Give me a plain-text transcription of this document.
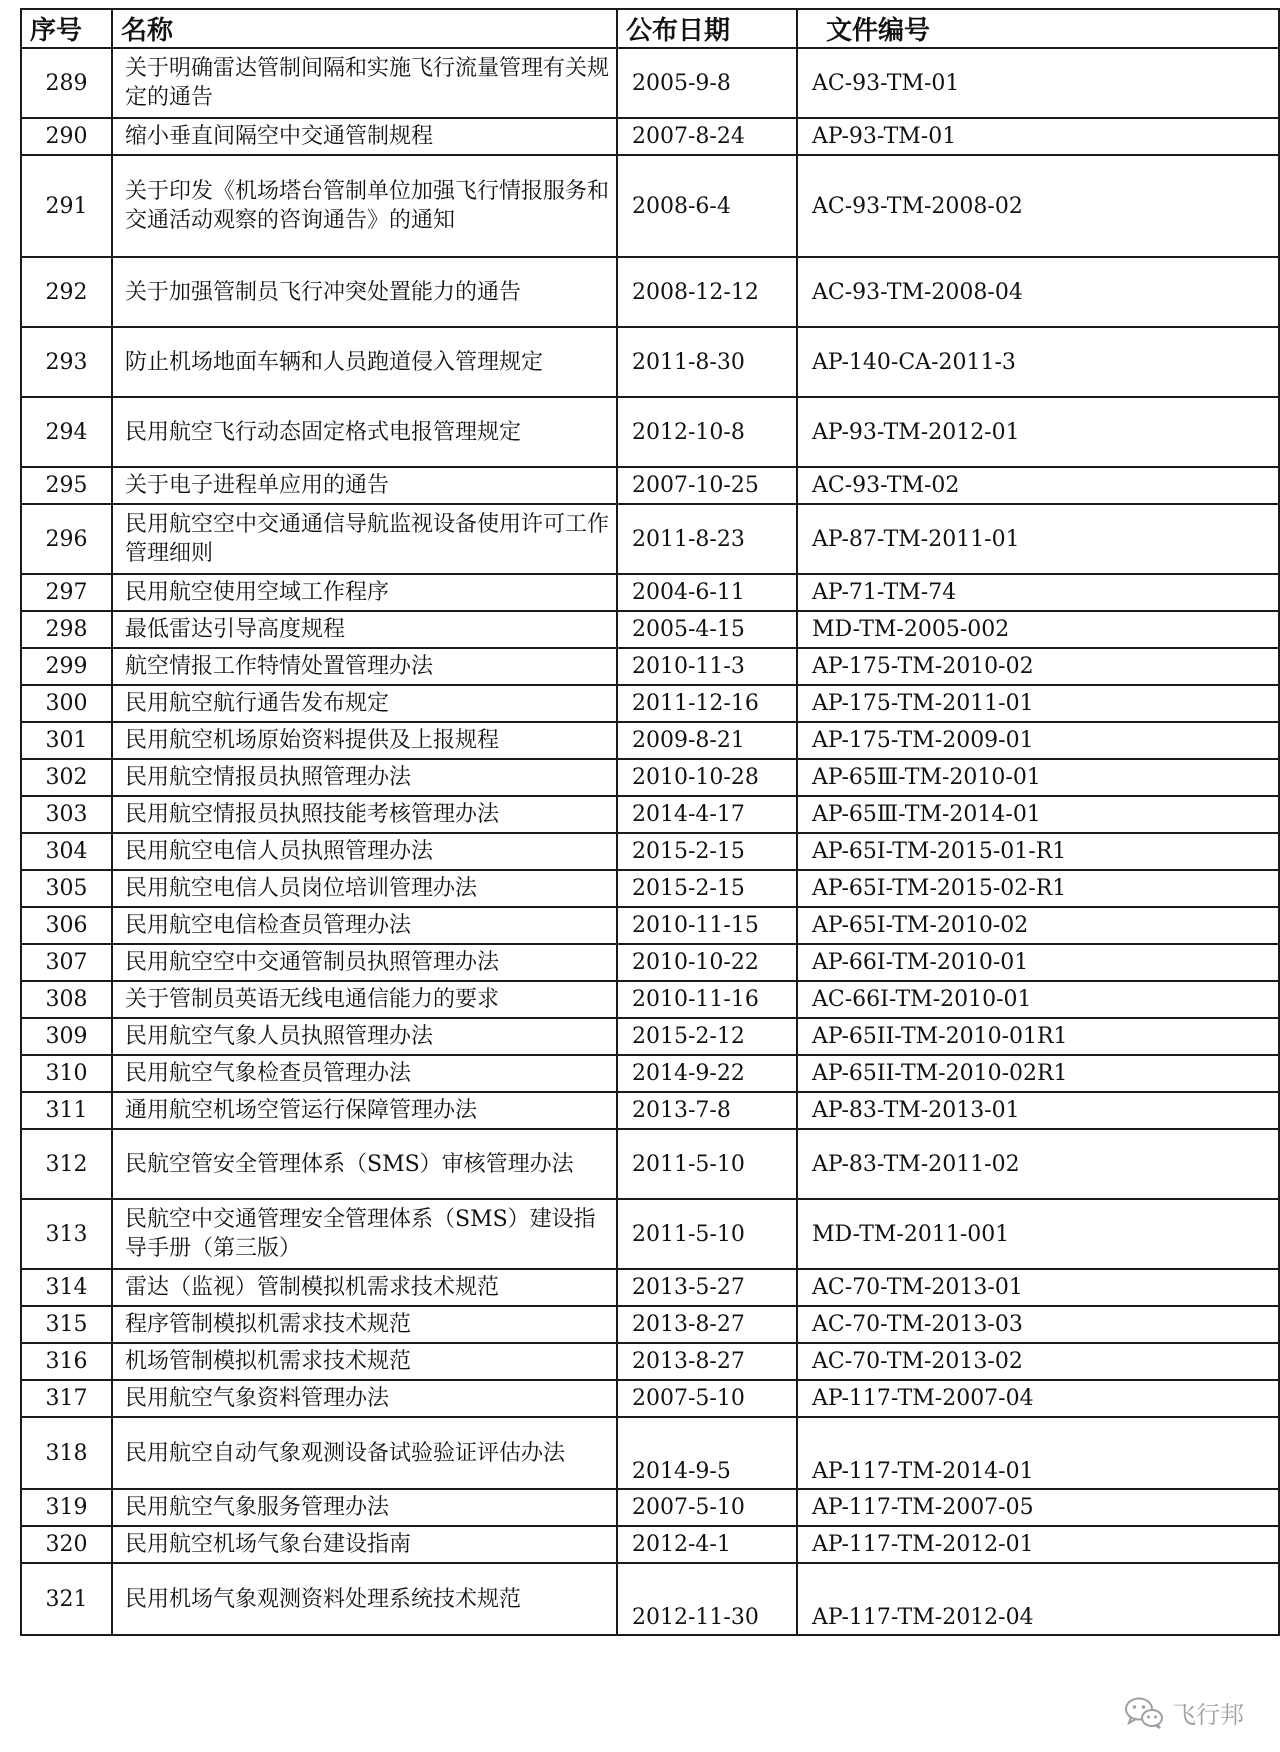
序号	名称	公布日期	文件编号
289	关于明确雷达管制间隔和实施飞行流量管理有关规定的通告	2005-9-8	AC-93-TM-01
290	缩小垂直间隔空中交通管制规程	2007-8-24	AP-93-TM-01
291	关于印发《机场塔台管制单位加强飞行情报服务和交通活动观察的咨询通告》的通知	2008-6-4	AC-93-TM-2008-02
292	关于加强管制员飞行冲突处置能力的通告	2008-12-12	AC-93-TM-2008-04
293	防止机场地面车辆和人员跑道侵入管理规定	2011-8-30	AP-140-CA-2011-3
294	民用航空飞行动态固定格式电报管理规定	2012-10-8	AP-93-TM-2012-01
295	关于电子进程单应用的通告	2007-10-25	AC-93-TM-02
296	民用航空空中交通通信导航监视设备使用许可工作管理细则	2011-8-23	AP-87-TM-2011-01
297	民用航空使用空域工作程序	2004-6-11	AP-71-TM-74
298	最低雷达引导高度规程	2005-4-15	MD-TM-2005-002
299	航空情报工作特情处置管理办法	2010-11-3	AP-175-TM-2010-02
300	民用航空航行通告发布规定	2011-12-16	AP-175-TM-2011-01
301	民用航空机场原始资料提供及上报规程	2009-8-21	AP-175-TM-2009-01
302	民用航空情报员执照管理办法	2010-10-28	AP-65Ⅲ-TM-2010-01
303	民用航空情报员执照技能考核管理办法	2014-4-17	AP-65Ⅲ-TM-2014-01
304	民用航空电信人员执照管理办法	2015-2-15	AP-65I-TM-2015-01-R1
305	民用航空电信人员岗位培训管理办法	2015-2-15	AP-65I-TM-2015-02-R1
306	民用航空电信检查员管理办法	2010-11-15	AP-65I-TM-2010-02
307	民用航空空中交通管制员执照管理办法	2010-10-22	AP-66I-TM-2010-01
308	关于管制员英语无线电通信能力的要求	2010-11-16	AC-66I-TM-2010-01
309	民用航空气象人员执照管理办法	2015-2-12	AP-65II-TM-2010-01R1
310	民用航空气象检查员管理办法	2014-9-22	AP-65II-TM-2010-02R1
311	通用航空机场空管运行保障管理办法	2013-7-8	AP-83-TM-2013-01
312	民航空管安全管理体系（SMS）审核管理办法	2011-5-10	AP-83-TM-2011-02
313	民航空中交通管理安全管理体系（SMS）建设指导手册（第三版）	2011-5-10	MD-TM-2011-001
314	雷达（监视）管制模拟机需求技术规范	2013-5-27	AC-70-TM-2013-01
315	程序管制模拟机需求技术规范	2013-8-27	AC-70-TM-2013-03
316	机场管制模拟机需求技术规范	2013-8-27	AC-70-TM-2013-02
317	民用航空气象资料管理办法	2007-5-10	AP-117-TM-2007-04
318	民用航空自动气象观测设备试验验证评估办法	2014-9-5	AP-117-TM-2014-01
319	民用航空气象服务管理办法	2007-5-10	AP-117-TM-2007-05
320	民用航空机场气象台建设指南	2012-4-1	AP-117-TM-2012-01
321	民用机场气象观测资料处理系统技术规范	2012-11-30	AP-117-TM-2012-04
飞行邦
